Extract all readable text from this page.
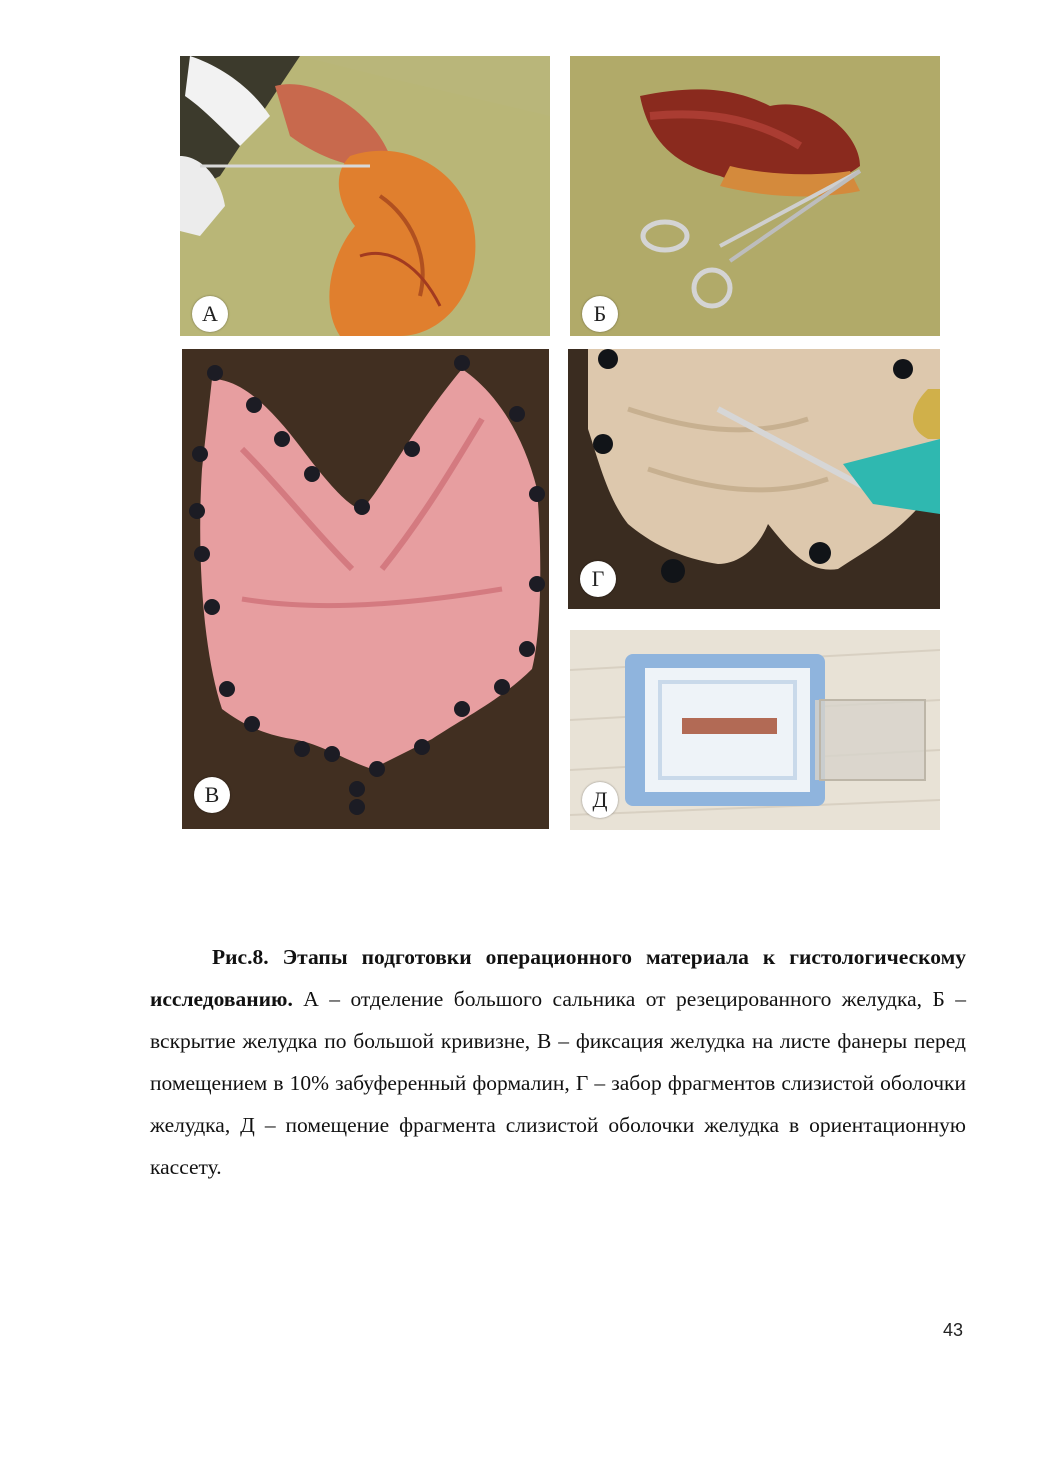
А	Б
В
Г
Д

Рис.8. Этапы подготовки операционного материала к гистологическому исследованию. А – отделение большого сальника от резецированного желудка, Б – вскрытие желудка по большой кривизне, В – фиксация желудка на листе фанеры перед помещением в 10% забуференный формалин, Г – забор фрагментов слизистой оболочки желудка, Д – помещение фрагмента слизистой оболочки желудка в ориентационную кассету.

43
